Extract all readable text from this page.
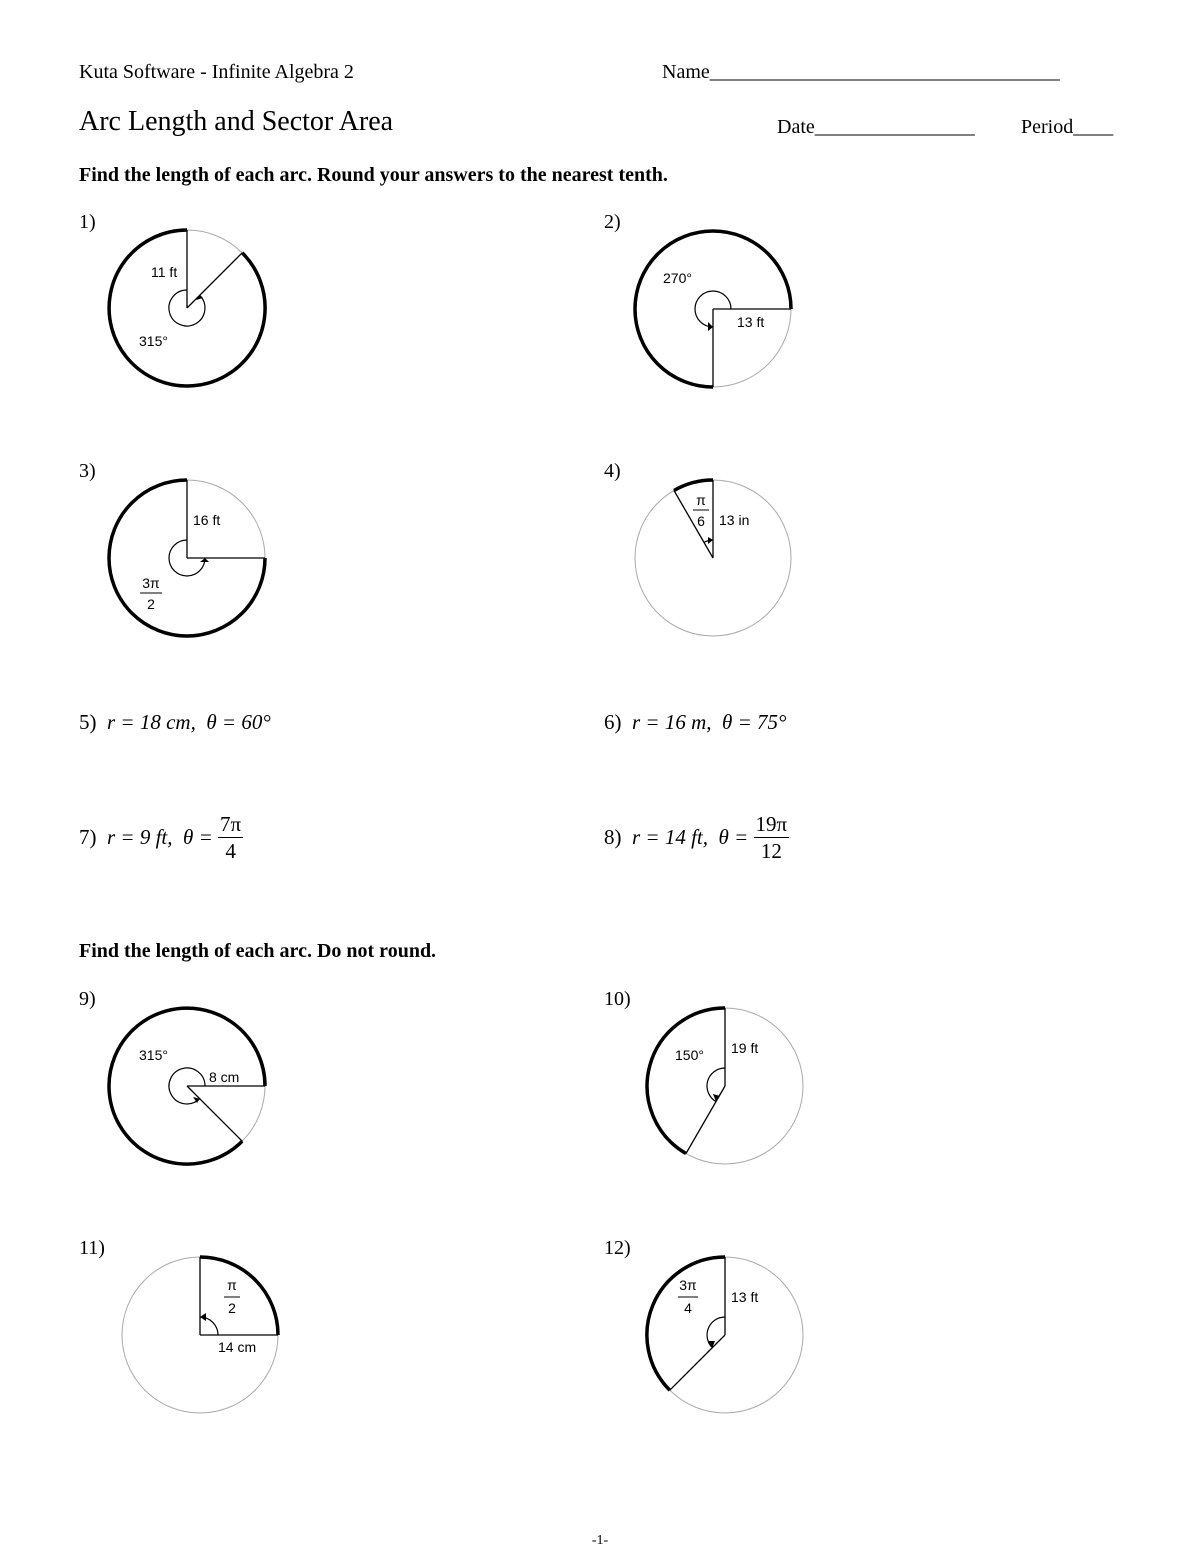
Kuta Software - Infinite Algebra 2	Name___________________________________
Arc Length and Sector Area	Date________________ Period____
Find the length of each arc. Round your answers to the nearest tenth.
Find the length of each arc. Do not round.
1)	2)
3)	4)
9)	10)
11)	12)
5) r = 18 cm, θ = 60°	6) r = 16 m, θ = 75°
7) r = 9 ft, $\theta = \frac{7\pi}{4}$	8) r = 14 ft, $\theta = \frac{19\pi}{12}$
11 ft
315°
270°
13 ft
16 ft
3π
2
π
6 13 in
315°
8 cm
150° 19 ft
π
2
14 cm
3π
4
13 ft
-1-
